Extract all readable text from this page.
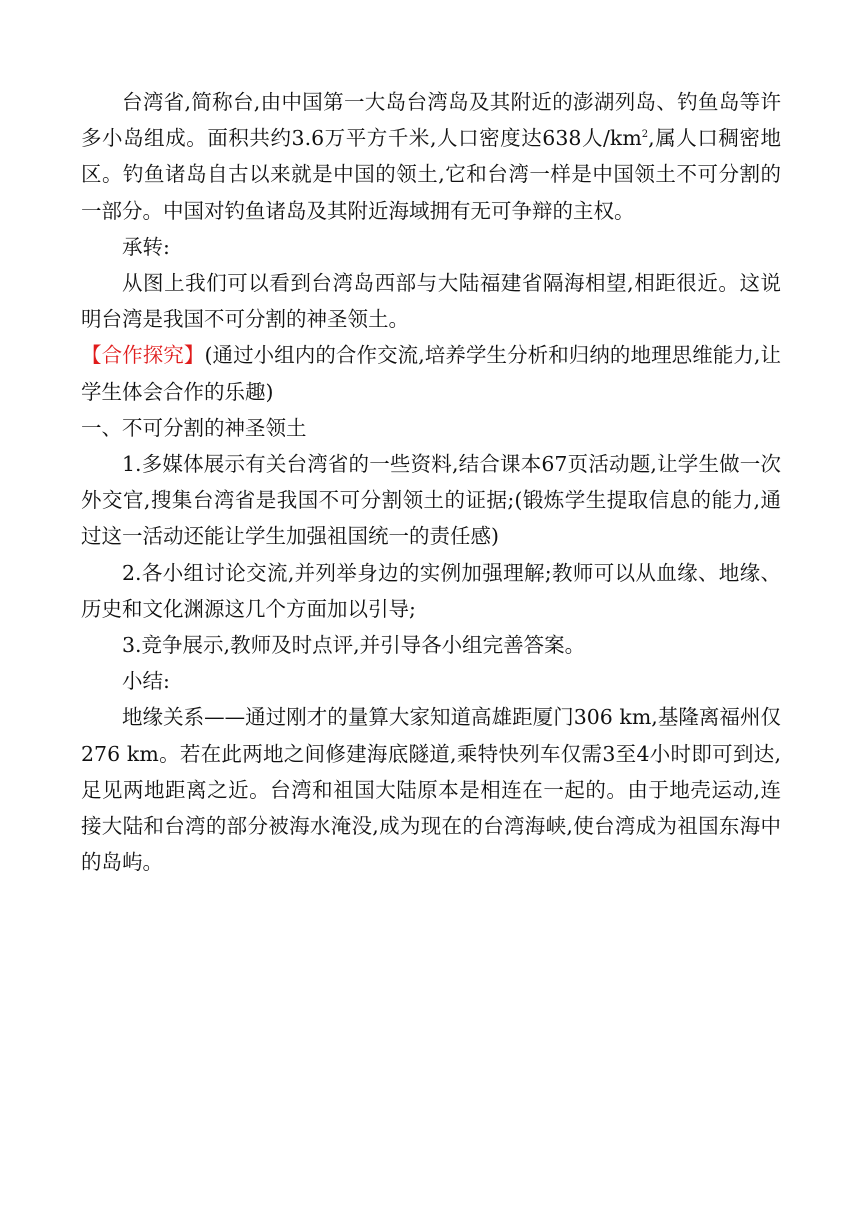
台湾省,简称台,由中国第一大岛台湾岛及其附近的澎湖列岛、钓鱼岛等许多小岛组成。面积共约3.6万平方千米,人口密度达638人$/km^2$,属人口稠密地区。钓鱼诸岛自古以来就是中国的领土,它和台湾一样是中国领土不可分割的一部分。中国对钓鱼诸岛及其附近海域拥有无可争辩的主权。

承转:

从图上我们可以看到台湾岛西部与大陆福建省隔海相望,相距很近。这说明台湾是我国不可分割的神圣领土。

【合作探究】(通过小组内的合作交流,培养学生分析和归纳的地理思维能力,让学生体会合作的乐趣)

一、不可分割的神圣领土

1.多媒体展示有关台湾省的一些资料,结合课本67页活动题,让学生做一次外交官,搜集台湾省是我国不可分割领土的证据;(锻炼学生提取信息的能力,通过这一活动还能让学生加强祖国统一的责任感)

2.各小组讨论交流,并列举身边的实例加强理解;教师可以从血缘、地缘、历史和文化渊源这几个方面加以引导;

3.竞争展示,教师及时点评,并引导各小组完善答案。

小结:

地缘关系——通过刚才的量算大家知道高雄距厦门306 km,基隆离福州仅276 km。若在此两地之间修建海底隧道,乘特快列车仅需3至4小时即可到达,足见两地距离之近。台湾和祖国大陆原本是相连在一起的。由于地壳运动,连接大陆和台湾的部分被海水淹没,成为现在的台湾海峡,使台湾成为祖国东海中的岛屿。
